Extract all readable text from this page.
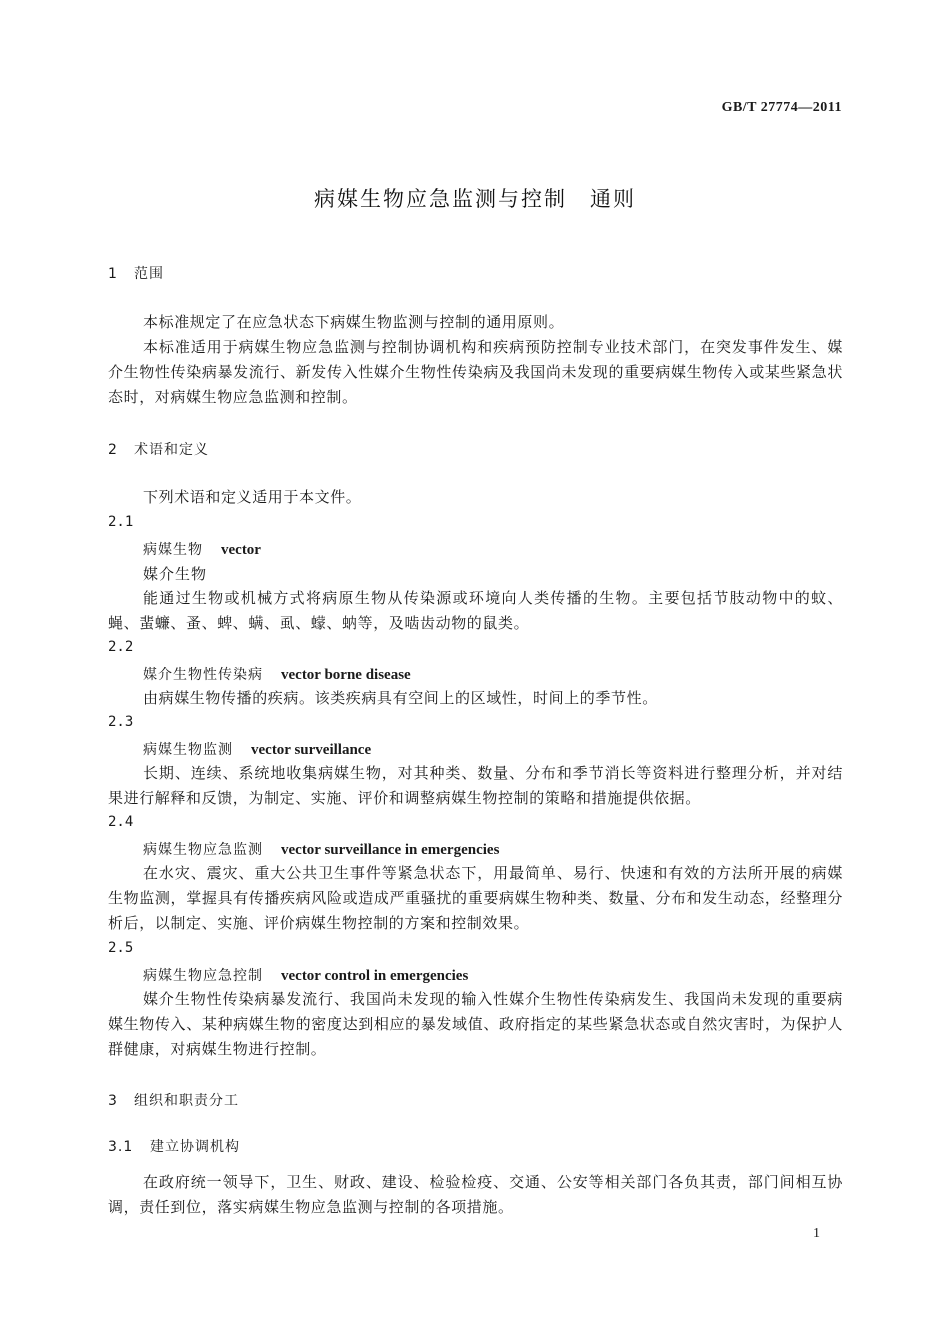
GB/T 27774—2011
病媒生物应急监测与控制　通则
1 范围
本标准规定了在应急状态下病媒生物监测与控制的通用原则。
本标准适用于病媒生物应急监测与控制协调机构和疾病预防控制专业技术部门，在突发事件发生、媒介生物性传染病暴发流行、新发传入性媒介生物性传染病及我国尚未发现的重要病媒生物传入或某些紧急状态时，对病媒生物应急监测和控制。
2 术语和定义
下列术语和定义适用于本文件。
2.1
病媒生物 vector
媒介生物
能通过生物或机械方式将病原生物从传染源或环境向人类传播的生物。主要包括节肢动物中的蚊、蝇、蜚蠊、蚤、蜱、螨、虱、蠓、蚋等，及啮齿动物的鼠类。
2.2
媒介生物性传染病 vector borne disease
由病媒生物传播的疾病。该类疾病具有空间上的区域性，时间上的季节性。
2.3
病媒生物监测 vector surveillance
长期、连续、系统地收集病媒生物，对其种类、数量、分布和季节消长等资料进行整理分析，并对结果进行解释和反馈，为制定、实施、评价和调整病媒生物控制的策略和措施提供依据。
2.4
病媒生物应急监测 vector surveillance in emergencies
在水灾、震灾、重大公共卫生事件等紧急状态下，用最简单、易行、快速和有效的方法所开展的病媒生物监测，掌握具有传播疾病风险或造成严重骚扰的重要病媒生物种类、数量、分布和发生动态，经整理分析后，以制定、实施、评价病媒生物控制的方案和控制效果。
2.5
病媒生物应急控制 vector control in emergencies
媒介生物性传染病暴发流行、我国尚未发现的输入性媒介生物性传染病发生、我国尚未发现的重要病媒生物传入、某种病媒生物的密度达到相应的暴发域值、政府指定的某些紧急状态或自然灾害时，为保护人群健康，对病媒生物进行控制。
3 组织和职责分工
3.1 建立协调机构
在政府统一领导下，卫生、财政、建设、检验检疫、交通、公安等相关部门各负其责，部门间相互协调，责任到位，落实病媒生物应急监测与控制的各项措施。
1
